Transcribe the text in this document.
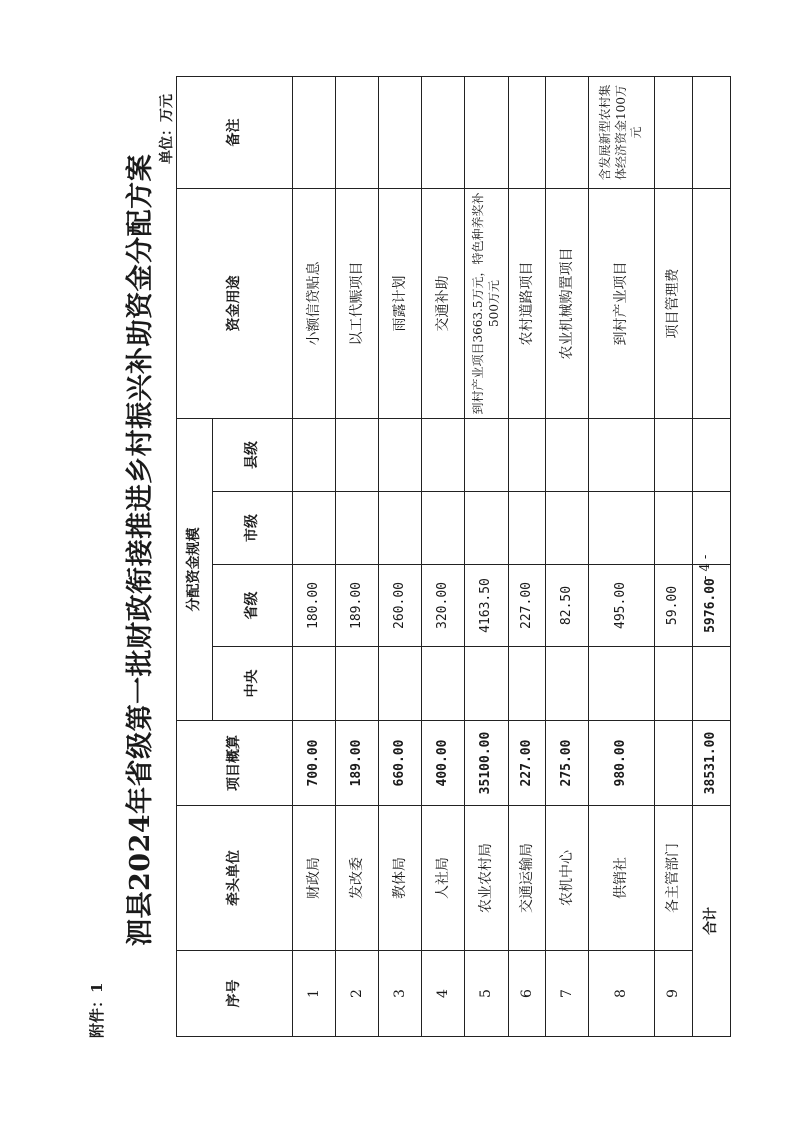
附件：1
泗县2024年省级第一批财政衔接推进乡村振兴补助资金分配方案
单位：万元
序号	牵头单位	项目概算	分配资金规模				资金用途	备注
			中央	省级	市级	县级		
1	财政局	700.00		180.00			小额信贷贴息	
2	发改委	189.00		189.00			以工代赈项目	
3	教体局	660.00		260.00			雨露计划	
4	人社局	400.00		320.00			交通补助	
5	农业农村局	35100.00		4163.50			到村产业项目3663.5万元，特色种养奖补500万元	
6	交通运输局	227.00		227.00			农村道路项目	
7	农机中心	275.00		82.50			农业机械购置项目	
8	供销社	980.00		495.00			到村产业项目	含发展新型农村集体经济资金100万元
9	各主管部门			59.00			项目管理费	
合计		38531.00		5976.00				
- 4 -
